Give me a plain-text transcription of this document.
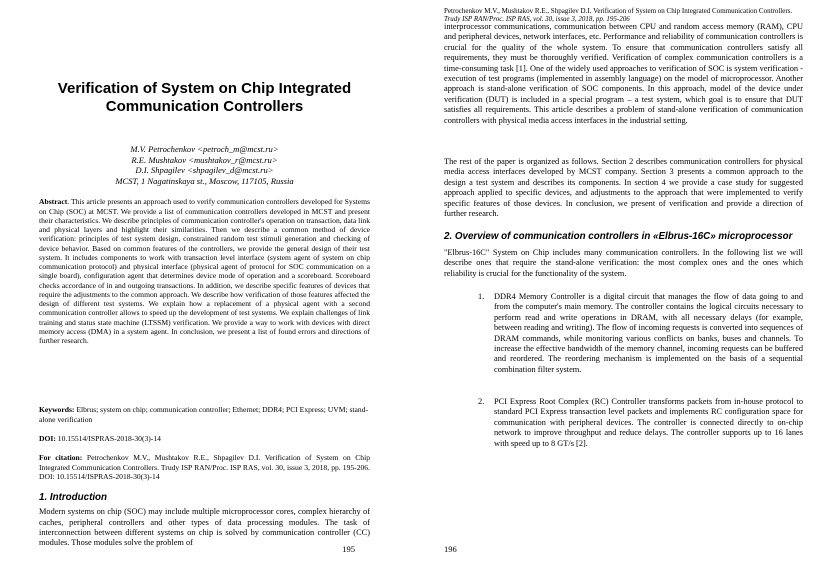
Verification of System on Chip Integrated Communication Controllers
M.V. Petrochenkov <petroch_m@mcst.ru>
R.E. Mushtakov <mushtakov_r@mcst.ru>
D.I. Shpagilev <shpagilev_d@mcst.ru>
MCST, 1 Nagatinskaya st., Moscow, 117105, Russia
Abstract. This article presents an approach used to verify communication controllers developed for Systems on Chip (SOC) at MCST. We provide a list of communication controllers developed in MCST and present their characteristics. We describe principles of communication controller's operation on transaction, data link and physical layers and highlight their similarities. Then we describe a common method of device verification: principles of test system design, constrained random test stimuli generation and checking of device behavior. Based on common features of the controllers, we provide the general design of their test system. It includes components to work with transaction level interface (system agent of system on chip communication protocol) and physical interface (physical agent of protocol for SOC communication on a single board), configuration agent that determines device mode of operation and a scoreboard. Scoreboard checks accordance of in and outgoing transactions. In addition, we describe specific features of devices that require the adjustments to the common approach. We describe how verification of those features affected the design of different test systems. We explain how a replacement of a physical agent with a second communication controller allows to speed up the development of test systems. We explain challenges of link training and status state machine (LTSSM) verification. We provide a way to work with devices with direct memory access (DMA) in a system agent. In conclusion, we present a list of found errors and directions of further research.
Keywords: Elbrus; system on chip; communication controller; Ethernet; DDR4; PCI Express; UVM; stand-alone verification
DOI: 10.15514/ISPRAS-2018-30(3)-14
For citation: Petrochenkov M.V., Mushtakov R.E., Shpagilev D.I. Verification of System on Chip Integrated Communication Controllers. Trudy ISP RAN/Proc. ISP RAS, vol. 30, issue 3, 2018, pp. 195-206. DOI: 10.15514/ISPRAS-2018-30(3)-14
1. Introduction
Modern systems on chip (SOC) may include multiple microprocessor cores, complex hierarchy of caches, peripheral controllers and other types of data processing modules. The task of interconnection between different systems on chip is solved by communication controller (CC) modules. Those modules solve the problem of
195
Petrochenkov M.V., Mushtakov R.E., Shpagilev D.I. Verification of System on Chip Integrated Communication Controllers. Trudy ISP RAN/Proc. ISP RAS, vol. 30, issue 3, 2018, pp. 195-206
interprocessor communications, communication between CPU and random access memory (RAM), CPU and peripheral devices, network interfaces, etc. Performance and reliability of communication controllers is crucial for the quality of the whole system. To ensure that communication controllers satisfy all requirements, they must be thoroughly verified. Verification of complex communication controllers is a time-consuming task [1]. One of the widely used approaches to verification of SOC is system verification - execution of test programs (implemented in assembly language) on the model of microprocessor. Another approach is stand-alone verification of SOC components. In this approach, model of the device under verification (DUT) is included in a special program – a test system, which goal is to ensure that DUT satisfies all requirements. This article describes a problem of stand-alone verification of communication controllers with physical media access interfaces in the industrial setting.
The rest of the paper is organized as follows. Section 2 describes communication controllers for physical media access interfaces developed by MCST company. Section 3 presents a common approach to the design a test system and describes its components. In section 4 we provide a case study for suggested approach applied to specific devices, and adjustments to the approach that were implemented to verify specific features of those devices. In conclusion, we present of verification and provide a direction of further research.
2. Overview of communication controllers in «Elbrus-16C» microprocessor
"Elbrus-16C" System on Chip includes many communication controllers. In the following list we will describe ones that require the stand-alone verification: the most complex ones and the ones which reliability is crucial for the functionality of the system.
1. DDR4 Memory Controller is a digital circuit that manages the flow of data going to and from the computer's main memory. The controller contains the logical circuits necessary to perform read and write operations in DRAM, with all necessary delays (for example, between reading and writing). The flow of incoming requests is converted into sequences of DRAM commands, while monitoring various conflicts on banks, buses and channels. To increase the effective bandwidth of the memory channel, incoming requests can be buffered and reordered. The reordering mechanism is implemented on the basis of a sequential combination filter system.
2. PCI Express Root Complex (RC) Controller transforms packets from in-house protocol to standard PCI Express transaction level packets and implements RC configuration space for communication with peripheral devices. The controller is connected directly to on-chip network to improve throughput and reduce delays. The controller supports up to 16 lanes with speed up to 8 GT/s [2].
196
